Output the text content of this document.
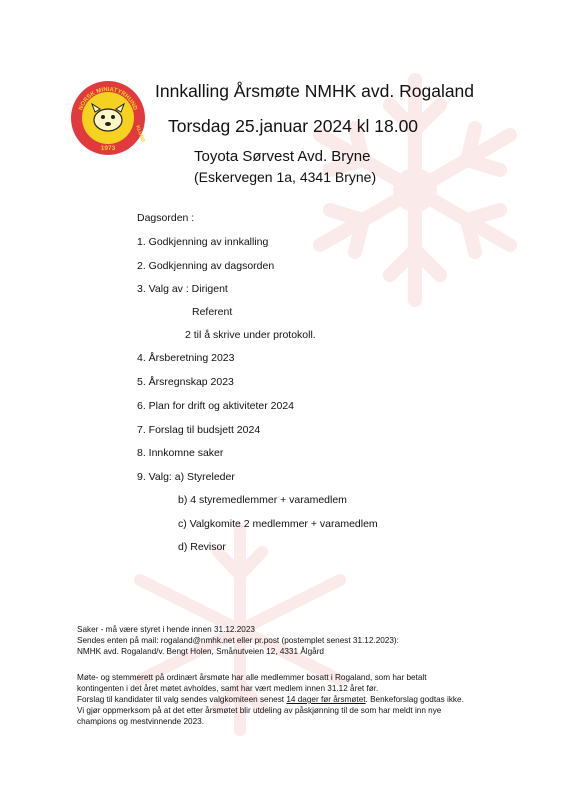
NORSK MINIATYRHUND
KLUBB
1973
Innkalling Årsmøte NMHK avd. Rogaland
Torsdag 25.januar 2024 kl 18.00
Toyota Sørvest Avd. Bryne
(Eskervegen 1a, 4341 Bryne)
Dagsorden :
1. Godkjenning av innkalling
2. Godkjenning av dagsorden
3. Valg av : Dirigent
Referent
2 til å skrive under protokoll.
4. Årsberetning 2023
5. Årsregnskap 2023
6. Plan for drift og aktiviteter 2024
7. Forslag til budsjett 2024
8. Innkomne saker
9. Valg: a) Styreleder
b) 4 styremedlemmer + varamedlem
c) Valgkomite 2 medlemmer + varamedlem
d) Revisor
Saker - må være styret i hende innen 31.12.2023
Sendes enten på mail: rogaland@nmhk.net eller pr.post (postemplet senest 31.12.2023):
NMHK avd. Rogaland/v. Bengt Holen, Smånutveien 12, 4331 Ålgård
Møte- og stemmerett på ordinært årsmøte har alle medlemmer bosatt i Rogaland, som har betalt
kontingenten i det året møtet avholdes, samt har vært medlem innen 31.12 året før.
Forslag til kandidater til valg sendes valgkomiteen senest 14 dager før årsmøtet. Benkeforslag godtas ikke.
Vi gjør oppmerksom på at det etter årsmøtet blir utdeling av påskjønning til de som har meldt inn nye
champions og mestvinnende 2023.
